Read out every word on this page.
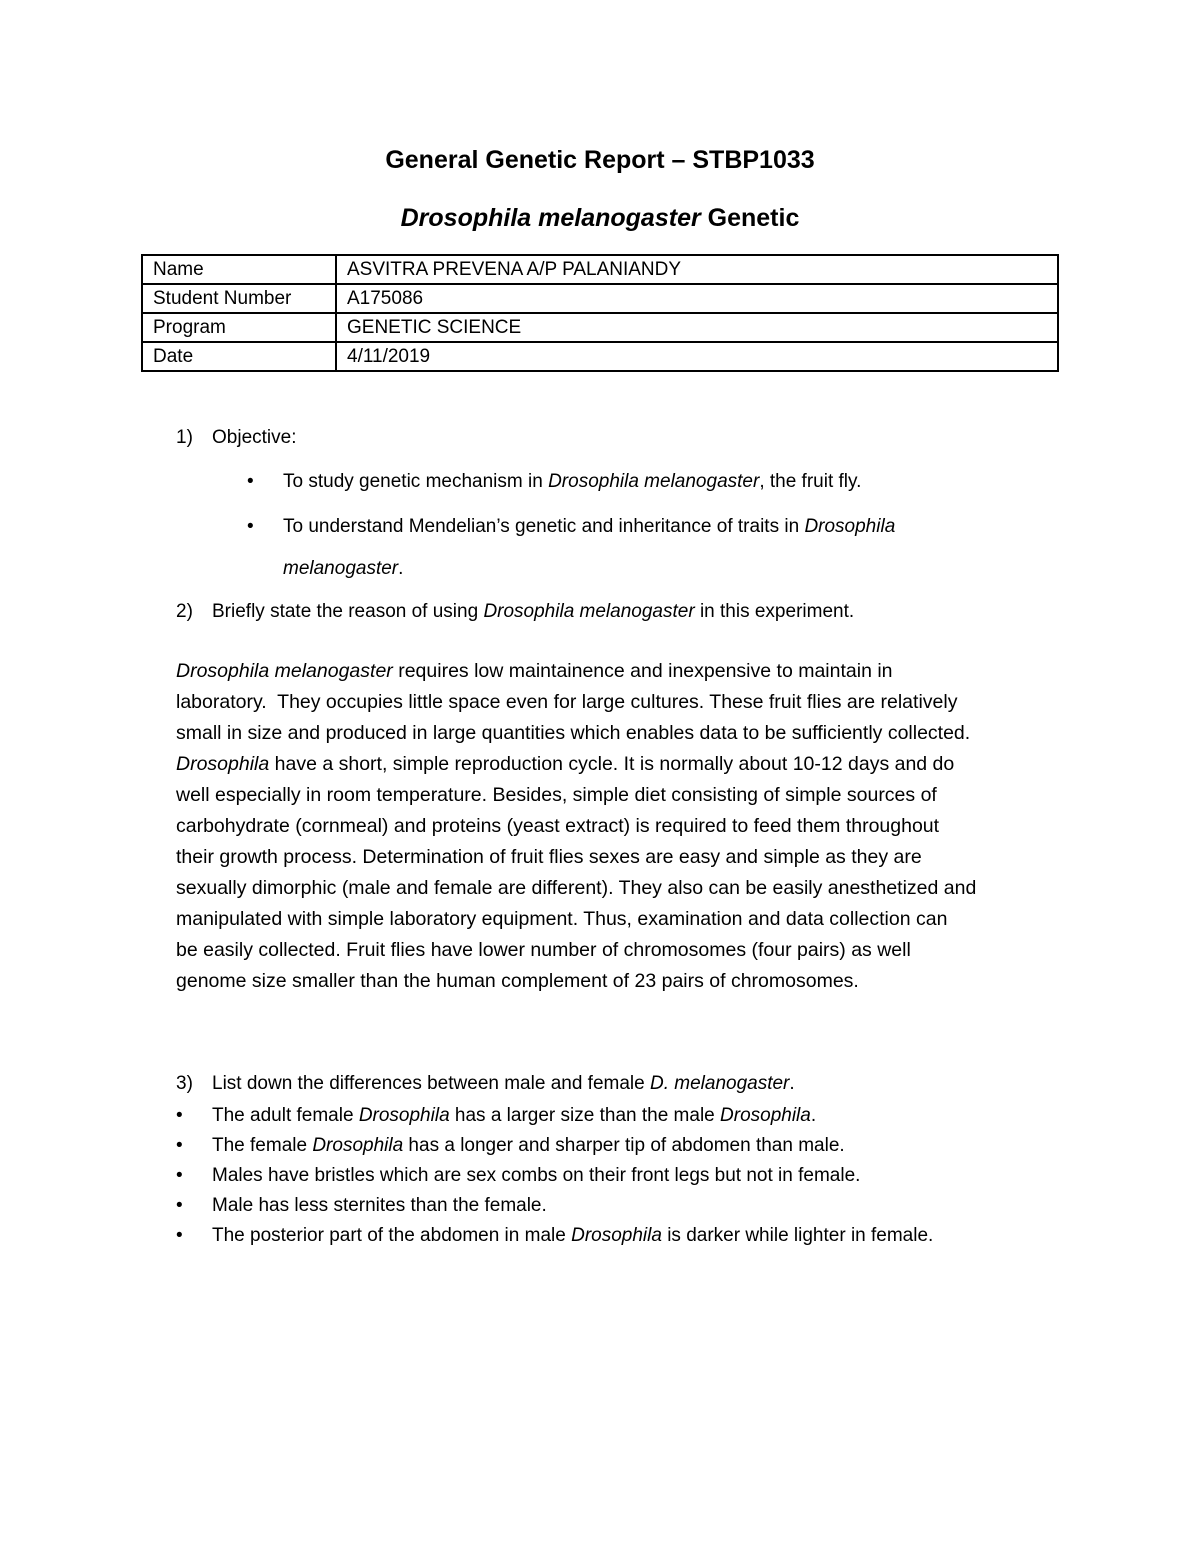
General Genetic Report – STBP1033
Drosophila melanogaster Genetic
Name	ASVITRA PREVENA A/P PALANIANDY
Student Number	A175086
Program	GENETIC SCIENCE
Date	4/11/2019
1) Objective:
• To study genetic mechanism in Drosophila melanogaster, the fruit fly.
• To understand Mendelian’s genetic and inheritance of traits in Drosophila
melanogaster.
2) Briefly state the reason of using Drosophila melanogaster in this experiment.

Drosophila melanogaster requires low maintainence and inexpensive to maintain in

laboratory.  They occupies little space even for large cultures. These fruit flies are relatively

small in size and produced in large quantities which enables data to be sufficiently collected.

Drosophila have a short, simple reproduction cycle. It is normally about 10-12 days and do

well especially in room temperature. Besides, simple diet consisting of simple sources of

carbohydrate (cornmeal) and proteins (yeast extract) is required to feed them throughout

their growth process. Determination of fruit flies sexes are easy and simple as they are

sexually dimorphic (male and female are different). They also can be easily anesthetized and

manipulated with simple laboratory equipment. Thus, examination and data collection can

be easily collected. Fruit flies have lower number of chromosomes (four pairs) as well

genome size smaller than the human complement of 23 pairs of chromosomes.

3) List down the differences between male and female D. melanogaster.
• The adult female Drosophila has a larger size than the male Drosophila.
• The female Drosophila has a longer and sharper tip of abdomen than male.
• Males have bristles which are sex combs on their front legs but not in female.
• Male has less sternites than the female.
• The posterior part of the abdomen in male Drosophila is darker while lighter in female.
